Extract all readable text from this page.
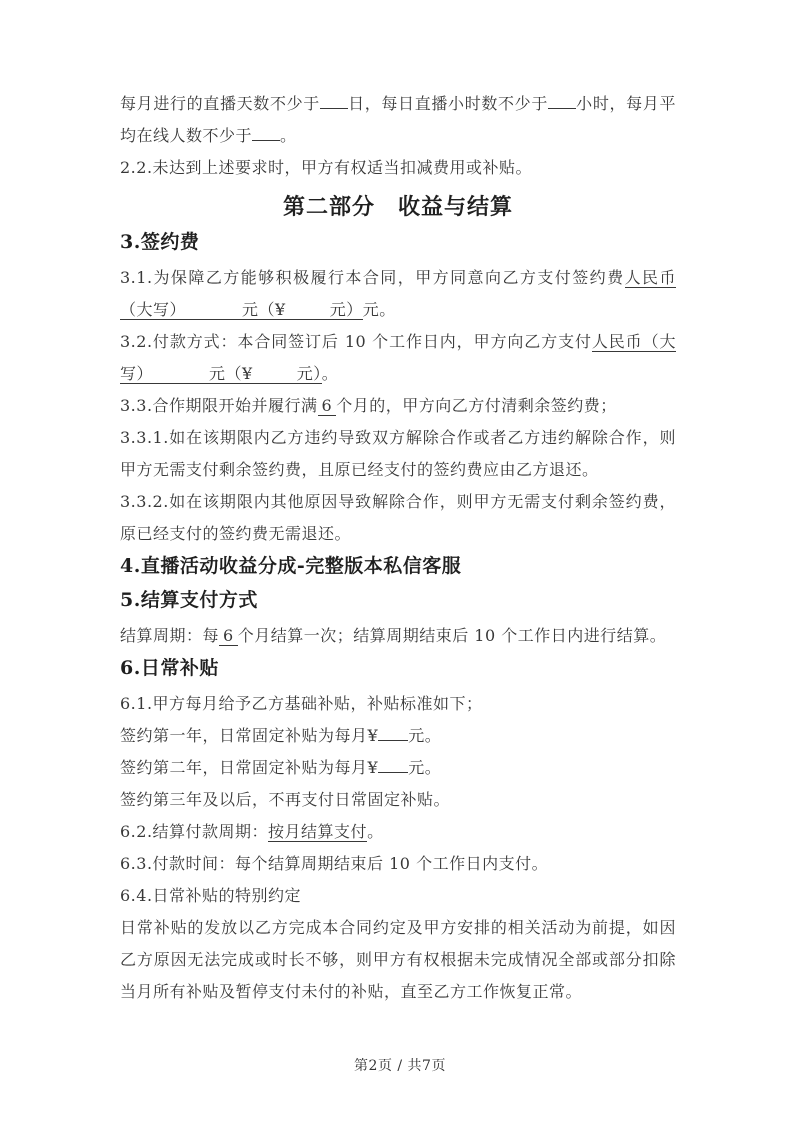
每月进行的直播天数不少于 日，每日直播小时数不少于 小时，每月平均在线人数不少于 。

2.2.未达到上述要求时，甲方有权适当扣减费用或补贴。

第二部分　收益与结算
3.签约费

3.1.为保障乙方能够积极履行本合同，甲方同意向乙方支付签约费人民币（大写）	元（¥	元）元。

3.2.付款方式：本合同签订后 10 个工作日内，甲方向乙方支付人民币（大写）	元（¥	元）。

3.3.合作期限开始并履行满 6 个月的，甲方向乙方付清剩余签约费；

3.3.1.如在该期限内乙方违约导致双方解除合作或者乙方违约解除合作，则甲方无需支付剩余签约费，且原已经支付的签约费应由乙方退还。

3.3.2.如在该期限内其他原因导致解除合作，则甲方无需支付剩余签约费，原已经支付的签约费无需退还。

4.直播活动收益分成-完整版本私信客服
5.结算支付方式

结算周期：每 6 个月结算一次；结算周期结束后 10 个工作日内进行结算。

6.日常补贴

6.1.甲方每月给予乙方基础补贴，补贴标准如下；

签约第一年，日常固定补贴为每月¥ 元。

签约第二年，日常固定补贴为每月¥ 元。

签约第三年及以后，不再支付日常固定补贴。

6.2.结算付款周期：按月结算支付。

6.3.付款时间：每个结算周期结束后 10 个工作日内支付。

6.4.日常补贴的特别约定

日常补贴的发放以乙方完成本合同约定及甲方安排的相关活动为前提，如因乙方原因无法完成或时长不够，则甲方有权根据未完成情况全部或部分扣除当月所有补贴及暂停支付未付的补贴，直至乙方工作恢复正常。

第2页 / 共7页
